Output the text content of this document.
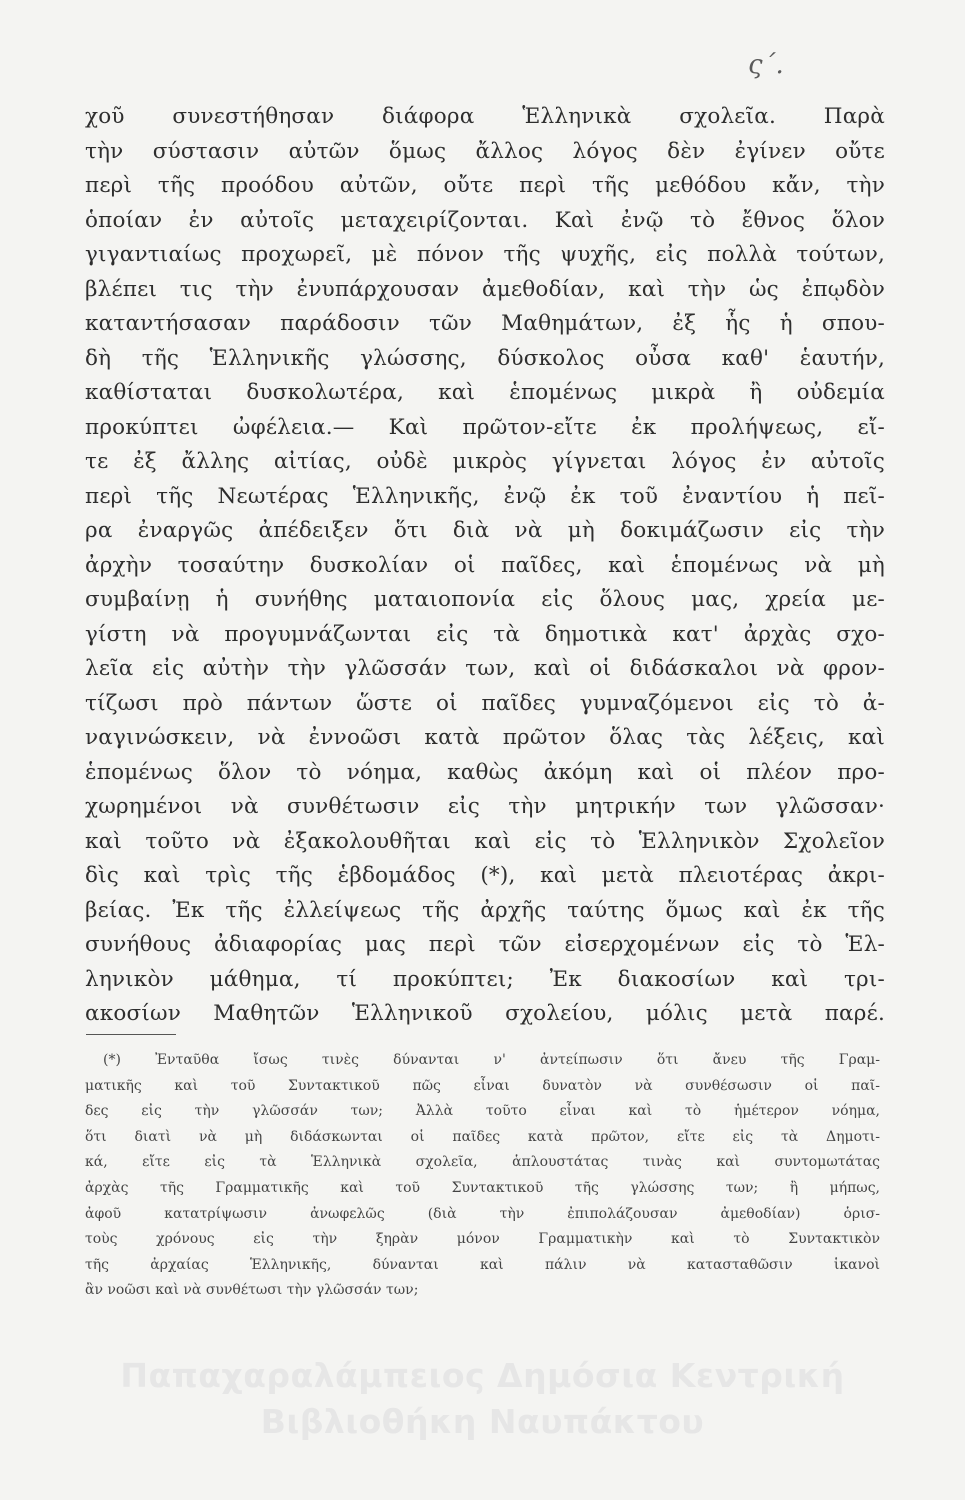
ς΄.
χοῦ συνεστήθησαν διάφορα Ἑλληνικὰ σχολεῖα. Παρὰ
τὴν σύστασιν αὐτῶν ὅμως ἄλλος λόγος δὲν ἐγίνεν οὔτε
περὶ τῆς προόδου αὐτῶν, οὔτε περὶ τῆς μεθόδου κἄν, τὴν
ὁποίαν ἐν αὐτοῖς μεταχειρίζονται. Καὶ ἐνῷ τὸ ἔθνος ὅλον
γιγαντιαίως προχωρεῖ, μὲ πόνον τῆς ψυχῆς, εἰς πολλὰ τούτων,
βλέπει τις τὴν ἐνυπάρχουσαν ἀμεθοδίαν, καὶ τὴν ὡς ἐπῳδὸν
καταντήσασαν παράδοσιν τῶν Μαθημάτων, ἐξ ἧς ἡ σπου-
δὴ τῆς Ἑλληνικῆς γλώσσης, δύσκολος οὖσα καθ' ἑαυτήν,
καθίσταται δυσκολωτέρα, καὶ ἑπομένως μικρὰ ἢ οὐδεμία
προκύπτει ὠφέλεια.— Καὶ πρῶτον-εἴτε ἐκ προλήψεως, εἴ-
τε ἐξ ἄλλης αἰτίας, οὐδὲ μικρὸς γίγνεται λόγος ἐν αὐτοῖς
περὶ τῆς Νεωτέρας Ἑλληνικῆς, ἐνῷ ἐκ τοῦ ἐναντίου ἡ πεῖ-
ρα ἐναργῶς ἀπέδειξεν ὅτι διὰ νὰ μὴ δοκιμάζωσιν εἰς τὴν
ἀρχὴν τοσαύτην δυσκολίαν οἱ παῖδες, καὶ ἑπομένως νὰ μὴ
συμβαίνῃ ἡ συνήθης ματαιοπονία εἰς ὅλους μας, χρεία με-
γίστη νὰ προγυμνάζωνται εἰς τὰ δημοτικὰ κατ' ἀρχὰς σχο-
λεῖα εἰς αὐτὴν τὴν γλῶσσάν των, καὶ οἱ διδάσκαλοι νὰ φρον-
τίζωσι πρὸ πάντων ὥστε οἱ παῖδες γυμναζόμενοι εἰς τὸ ἀ-
ναγινώσκειν, νὰ ἐννοῶσι κατὰ πρῶτον ὅλας τὰς λέξεις, καὶ
ἑπομένως ὅλον τὸ νόημα, καθὼς ἀκόμη καὶ οἱ πλέον προ-
χωρημένοι νὰ συνθέτωσιν εἰς τὴν μητρικήν των γλῶσσαν·
καὶ τοῦτο νὰ ἐξακολουθῆται καὶ εἰς τὸ Ἑλληνικὸν Σχολεῖον
δὶς καὶ τρὶς τῆς ἑβδομάδος (*), καὶ μετὰ πλειοτέρας ἀκρι-
βείας. Ἐκ τῆς ἐλλείψεως τῆς ἀρχῆς ταύτης ὅμως καὶ ἐκ τῆς
συνήθους ἀδιαφορίας μας περὶ τῶν εἰσερχομένων εἰς τὸ Ἑλ-
ληνικὸν μάθημα, τί προκύπτει; Ἐκ διακοσίων καὶ τρι-
ακοσίων Μαθητῶν Ἑλληνικοῦ σχολείου, μόλις μετὰ παρέ.
(*) Ἐνταῦθα ἴσως τινὲς δύνανται ν' ἀντείπωσιν ὅτι ἄνευ τῆς Γραμ-
ματικῆς καὶ τοῦ Συντακτικοῦ πῶς εἶναι δυνατὸν νὰ συνθέσωσιν οἱ παῖ-
δες εἰς τὴν γλῶσσάν των; Ἀλλὰ τοῦτο εἶναι καὶ τὸ ἡμέτερον νόημα,
ὅτι διατὶ νὰ μὴ διδάσκωνται οἱ παῖδες κατὰ πρῶτον, εἴτε εἰς τὰ Δημοτι-
κά, εἴτε εἰς τὰ Ἑλληνικὰ σχολεῖα, ἁπλουστάτας τινὰς καὶ συντομωτάτας
ἀρχὰς τῆς Γραμματικῆς καὶ τοῦ Συντακτικοῦ τῆς γλώσσης των; ἢ μήπως,
ἀφοῦ κατατρίψωσιν ἀνωφελῶς (διὰ τὴν ἐπιπολάζουσαν ἀμεθοδίαν) ὁρισ-
τοὺς χρόνους εἰς τὴν ξηρὰν μόνον Γραμματικὴν καὶ τὸ Συντακτικὸν
τῆς ἀρχαίας Ἑλληνικῆς, δύνανται καὶ πάλιν νὰ κατασταθῶσιν ἱκανοὶ
ἂν νοῶσι καὶ νὰ συνθέτωσι τὴν γλῶσσάν των;
Παπαχαραλάμπειος Δημόσια Κεντρική
Βιβλιοθήκη Ναυπάκτου
